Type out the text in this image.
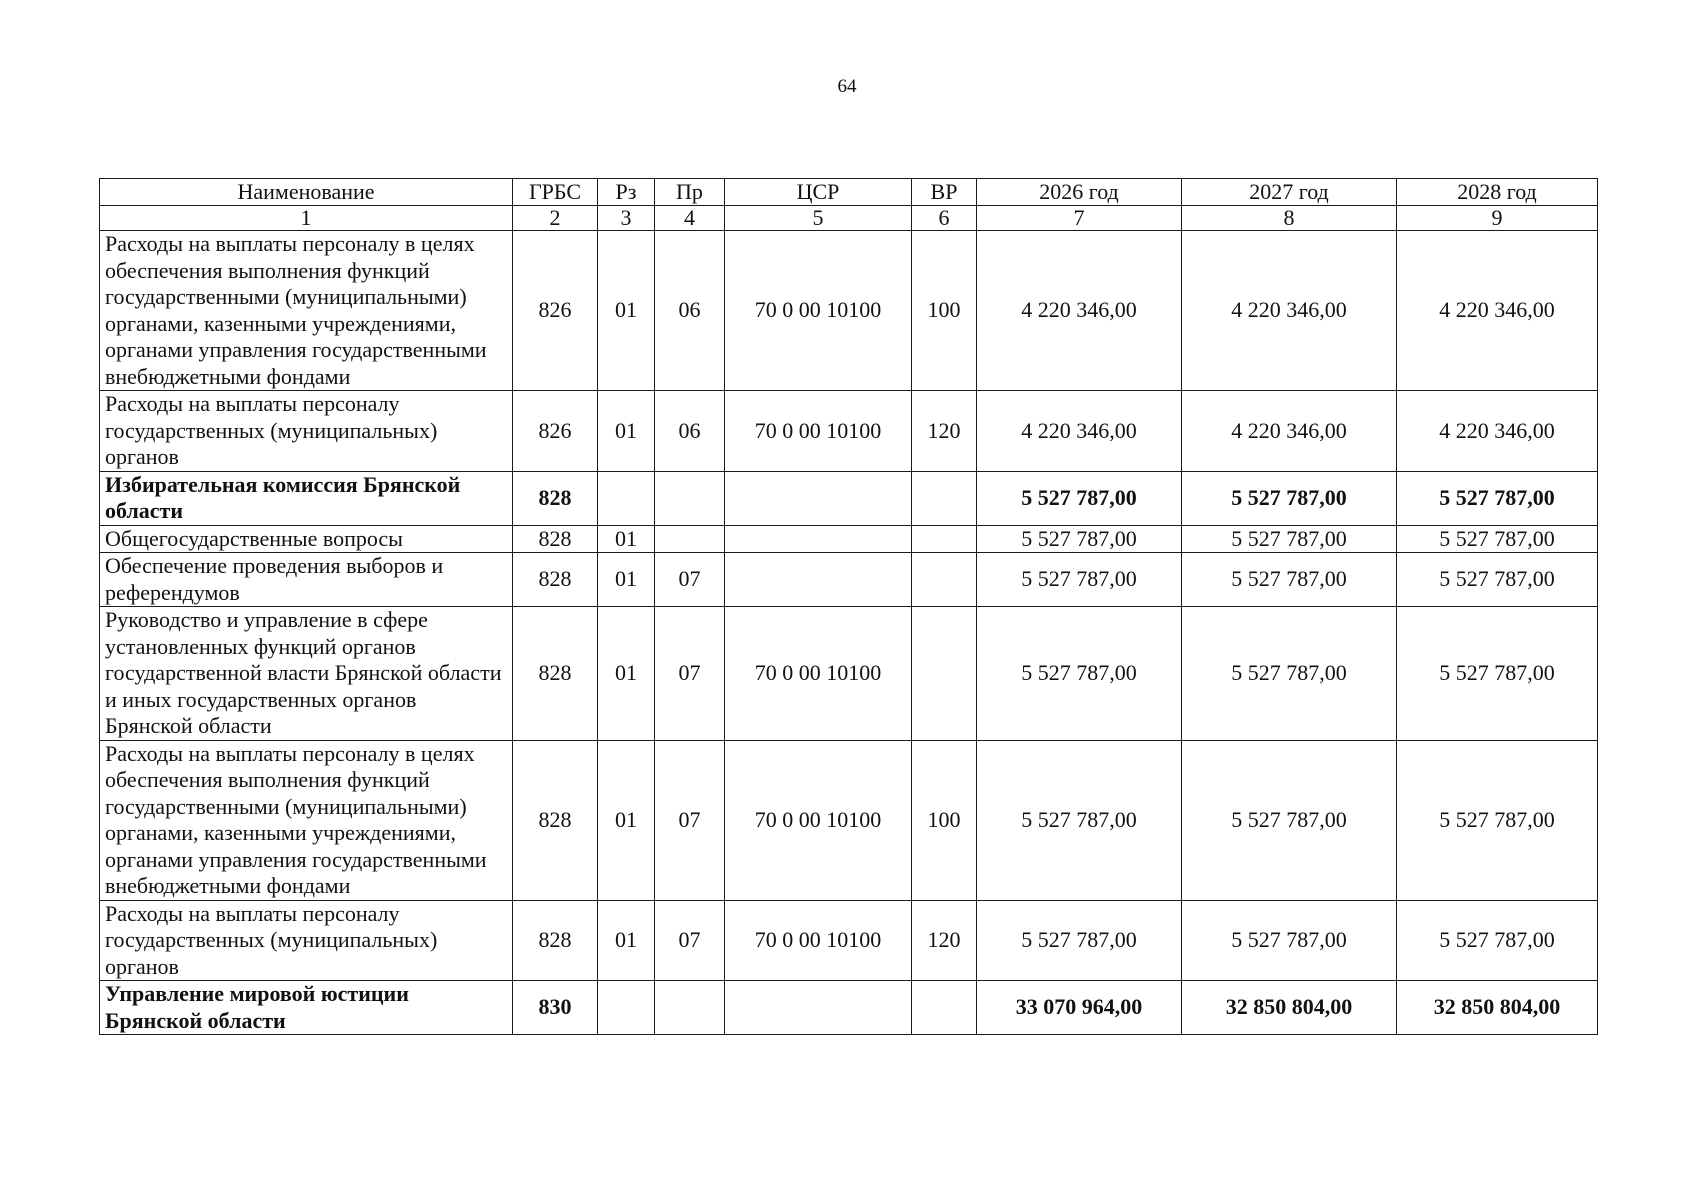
64
Наименование	ГРБС	Рз	Пр	ЦСР	ВР	2026 год	2027 год	2028 год
1	2	3	4	5	6	7	8	9
Расходы на выплаты персоналу в целях обеспечения выполнения функций государственными (муниципальными) органами, казенными учреждениями, органами управления государственными внебюджетными фондами	826	01	06	70 0 00 10100	100	4 220 346,00	4 220 346,00	4 220 346,00
Расходы на выплаты персоналу государственных (муниципальных) органов	826	01	06	70 0 00 10100	120	4 220 346,00	4 220 346,00	4 220 346,00
Избирательная комиссия Брянской области	828					5 527 787,00	5 527 787,00	5 527 787,00
Общегосударственные вопросы	828	01				5 527 787,00	5 527 787,00	5 527 787,00
Обеспечение проведения выборов и референдумов	828	01	07			5 527 787,00	5 527 787,00	5 527 787,00
Руководство и управление в сфере установленных функций органов государственной власти Брянской области и иных государственных органов Брянской области	828	01	07	70 0 00 10100		5 527 787,00	5 527 787,00	5 527 787,00
Расходы на выплаты персоналу в целях обеспечения выполнения функций государственными (муниципальными) органами, казенными учреждениями, органами управления государственными внебюджетными фондами	828	01	07	70 0 00 10100	100	5 527 787,00	5 527 787,00	5 527 787,00
Расходы на выплаты персоналу государственных (муниципальных) органов	828	01	07	70 0 00 10100	120	5 527 787,00	5 527 787,00	5 527 787,00
Управление мировой юстиции Брянской области	830					33 070 964,00	32 850 804,00	32 850 804,00
